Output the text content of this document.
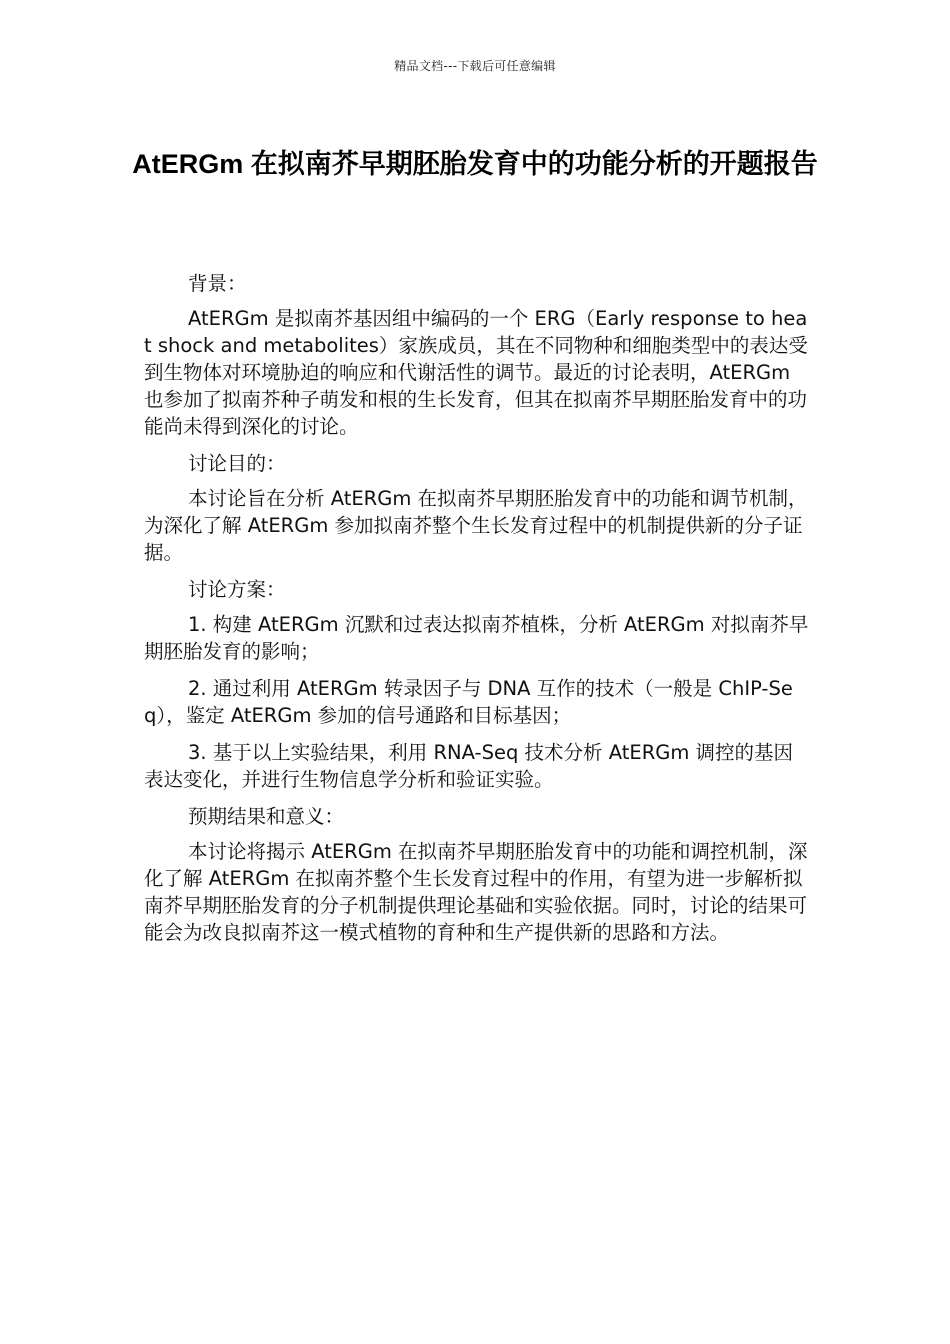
精品文档---下载后可任意编辑
AtERGm 在拟南芥早期胚胎发育中的功能分析的开题报告

背景：

AtERGm 是拟南芥基因组中编码的一个 ERG（Early response to heat shock and metabolites）家族成员，其在不同物种和细胞类型中的表达受到生物体对环境胁迫的响应和代谢活性的调节。最近的讨论表明，AtERGm 也参加了拟南芥种子萌发和根的生长发育，但其在拟南芥早期胚胎发育中的功能尚未得到深化的讨论。

讨论目的：

本讨论旨在分析 AtERGm 在拟南芥早期胚胎发育中的功能和调节机制，为深化了解 AtERGm 参加拟南芥整个生长发育过程中的机制提供新的分子证据。

讨论方案：

1. 构建 AtERGm 沉默和过表达拟南芥植株，分析 AtERGm 对拟南芥早期胚胎发育的影响；

2. 通过利用 AtERGm 转录因子与 DNA 互作的技术（一般是 ChIP-Seq），鉴定 AtERGm 参加的信号通路和目标基因；

3. 基于以上实验结果，利用 RNA-Seq 技术分析 AtERGm 调控的基因表达变化，并进行生物信息学分析和验证实验。

预期结果和意义：

本讨论将揭示 AtERGm 在拟南芥早期胚胎发育中的功能和调控机制，深化了解 AtERGm 在拟南芥整个生长发育过程中的作用，有望为进一步解析拟南芥早期胚胎发育的分子机制提供理论基础和实验依据。同时，讨论的结果可能会为改良拟南芥这一模式植物的育种和生产提供新的思路和方法。
